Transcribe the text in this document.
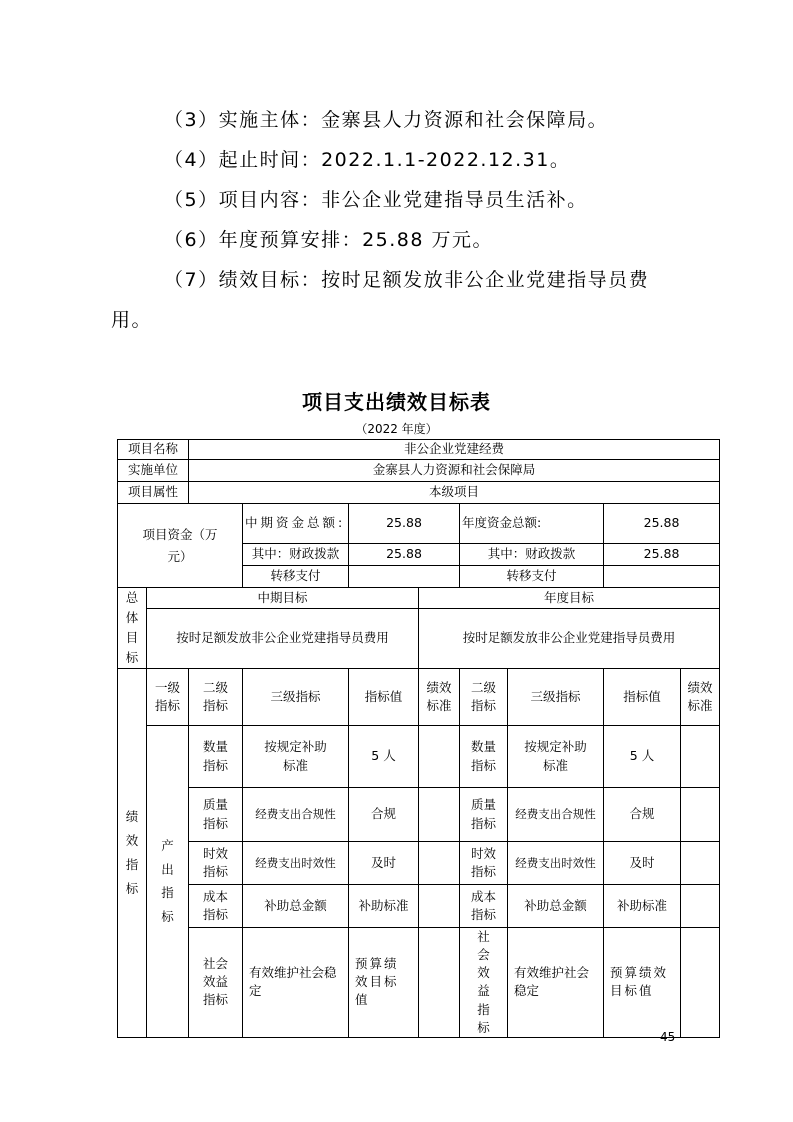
（3）实施主体：金寨县人力资源和社会保障局。
（4）起止时间：2022.1.1-2022.12.31。
（5）项目内容：非公企业党建指导员生活补。
（6）年度预算安排：25.88 万元。
（7）绩效目标：按时足额发放非公企业党建指导员费
用。
项目支出绩效目标表
（2022 年度）
项目名称		非公企业党建经费							
实施单位		金寨县人力资源和社会保障局							
项目属性		本级项目							
项目资金（万元）			中期资金总额:	25.88		年度资金总额:		25.88	
			其中：财政拨款	25.88		其中：财政拨款		25.88	
			转移支付			转移支付			
总体目标	中期目标				年度目标				
	按时足额发放非公企业党建指导员费用				按时足额发放非公企业党建指导员费用				
绩效指标	一级指标	二级指标	三级指标	指标值	绩效标准	二级指标	三级指标	指标值	绩效标准
	产出指标	数量指标	按规定补助标准	5 人		数量指标	按规定补助标准	5 人	
		质量指标	经费支出合规性	合规		质量指标	经费支出合规性	合规	
		时效指标	经费支出时效性	及时		时效指标	经费支出时效性	及时	
		成本指标	补助总金额	补助标准		成本指标	补助总金额	补助标准	
		社会效益指标	有效维护社会稳定	预算绩效目标值		社会效益指标	有效维护社会稳定	预算绩效目标值	
45
